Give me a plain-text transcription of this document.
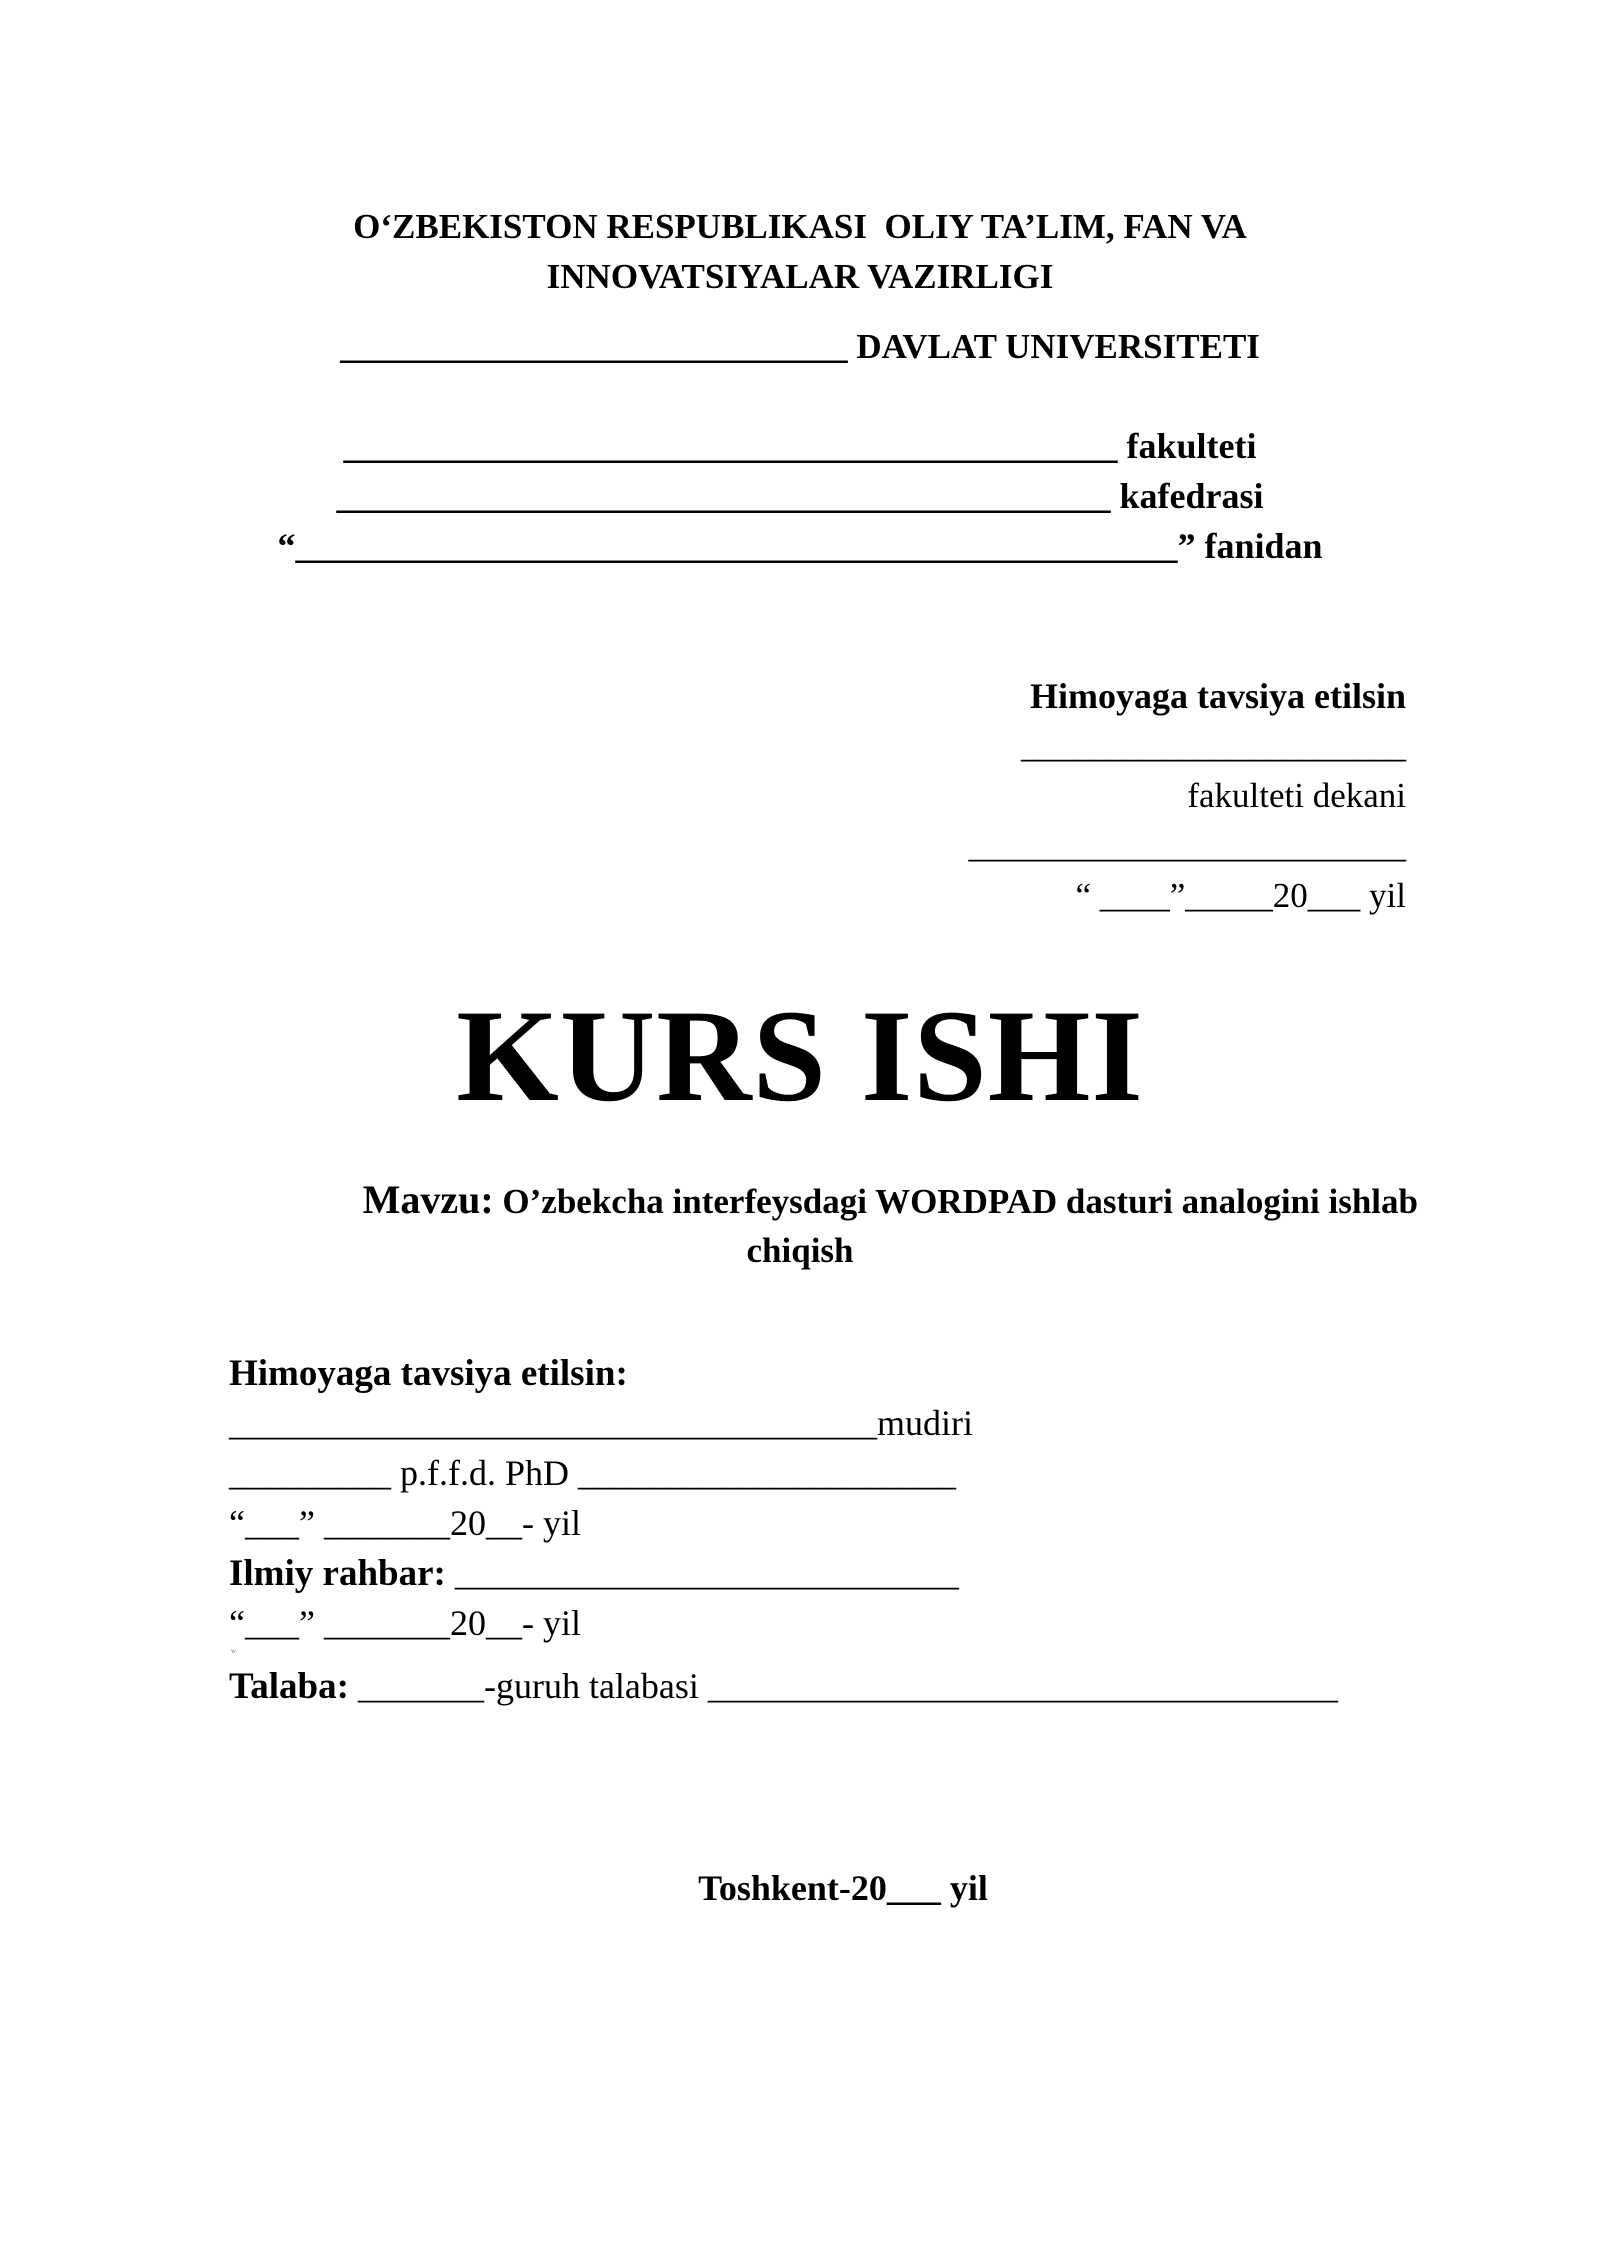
O‘ZBEKISTON RESPUBLIKASI  OLIY TA’LIM, FAN VA
INNOVATSIYALAR VAZIRLIGI
_____________________________ DAVLAT UNIVERSITETI
___________________________________________ fakulteti
___________________________________________ kafedrasi
“_________________________________________________” fanidan
Himoyaga tavsiya etilsin
______________________
fakulteti dekani
_________________________
“ ____”_____20___ yil
KURS ISHI
Mavzu: O’zbekcha interfeysdagi WORDPAD dasturi analogini ishlab
chiqish
Himoyaga tavsiya etilsin:
____________________________________mudiri
_________ p.f.f.d. PhD _____________________
“___” _______20__- yil
Ilmiy rahbar: ____________________________
“___” _______20__- yil
w
Talaba: _______-guruh talabasi ___________________________________
Toshkent-20___ yil
